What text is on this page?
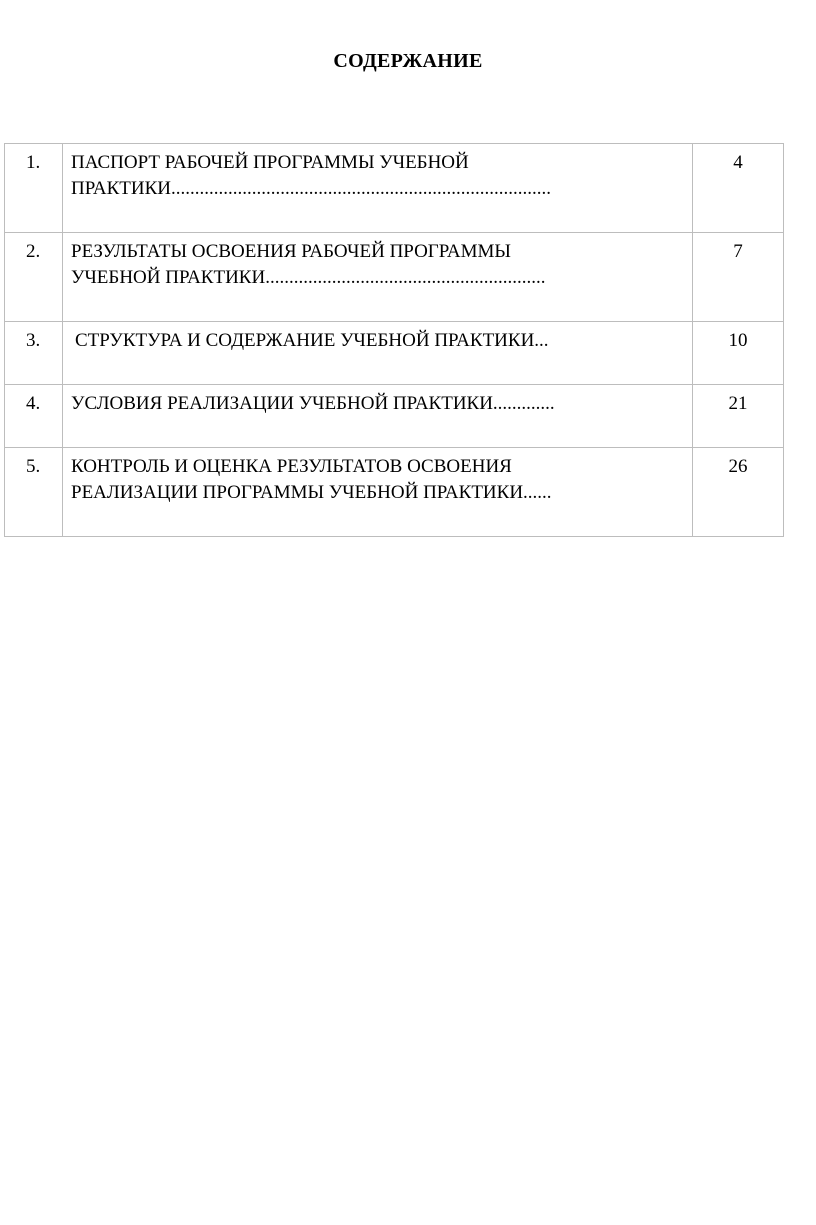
СОДЕРЖАНИЕ
1.	ПАСПОРТ РАБОЧЕЙ ПРОГРАММЫ УЧЕБНОЙ
ПРАКТИКИ................................................................................	4
2.	РЕЗУЛЬТАТЫ ОСВОЕНИЯ РАБОЧЕЙ ПРОГРАММЫ
УЧЕБНОЙ ПРАКТИКИ...........................................................	7
3.	СТРУКТУРА И СОДЕРЖАНИЕ УЧЕБНОЙ ПРАКТИКИ...	10
4.	УСЛОВИЯ РЕАЛИЗАЦИИ УЧЕБНОЙ ПРАКТИКИ.............	21
5.	КОНТРОЛЬ И ОЦЕНКА РЕЗУЛЬТАТОВ ОСВОЕНИЯ
РЕАЛИЗАЦИИ ПРОГРАММЫ УЧЕБНОЙ ПРАКТИКИ......	26
